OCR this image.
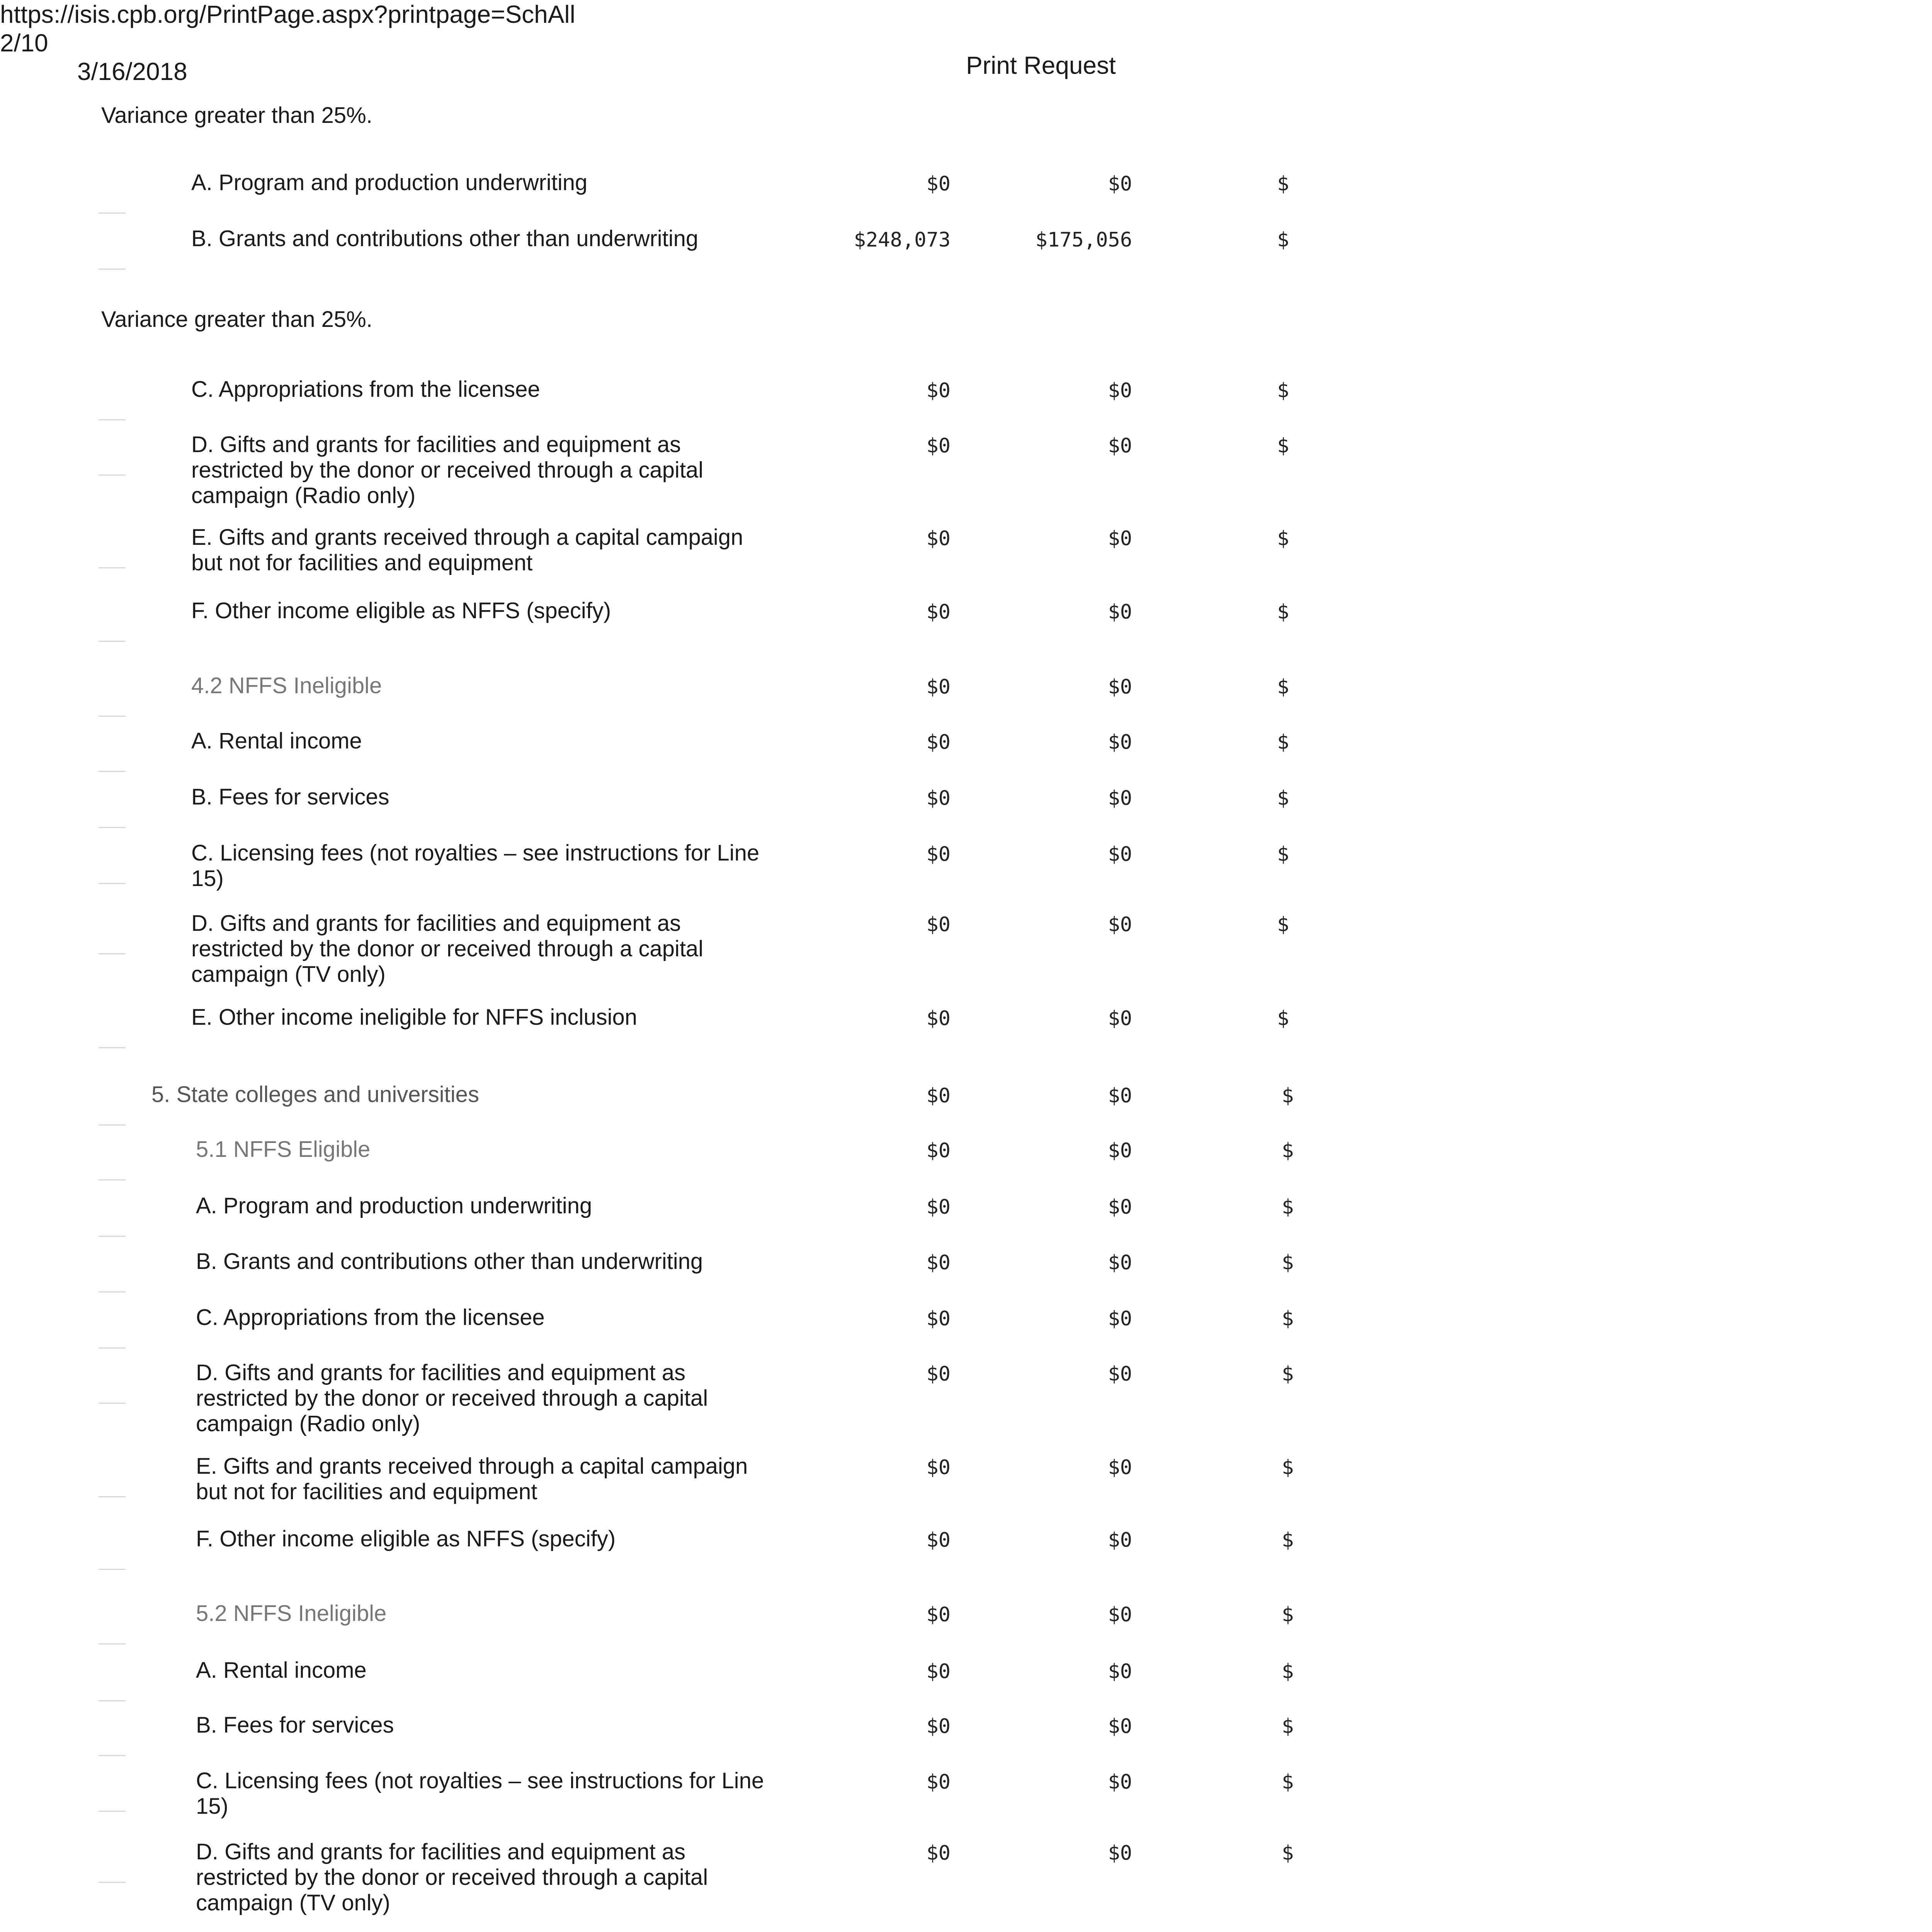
3/16/2018	Print Request
Variance greater than 25%.
Variance greater than 25%.
A. Program and production underwriting	$0	$0	$
B. Grants and contributions other than underwriting	$248,073	$175,056	$
C. Appropriations from the licensee	$0	$0	$
D. Gifts and grants for facilities and equipment as
restricted by the donor or received through a capital
campaign (Radio only)
$0	$0	$
E. Gifts and grants received through a capital campaign
but not for facilities and equipment
$0	$0	$
F. Other income eligible as NFFS (specify)	$0	$0	$
4.2 NFFS Ineligible	$0	$0	$
A. Rental income	$0	$0	$
B. Fees for services	$0	$0	$
C. Licensing fees (not royalties – see instructions for Line
15)
$0	$0	$
D. Gifts and grants for facilities and equipment as
restricted by the donor or received through a capital
campaign (TV only)
$0	$0	$
E. Other income ineligible for NFFS inclusion	$0	$0	$
5. State colleges and universities	$0	$0	$
5.1 NFFS Eligible	$0	$0	$
A. Program and production underwriting	$0	$0	$
B. Grants and contributions other than underwriting	$0	$0	$
C. Appropriations from the licensee	$0	$0	$
D. Gifts and grants for facilities and equipment as
restricted by the donor or received through a capital
campaign (Radio only)
$0	$0	$
E. Gifts and grants received through a capital campaign
but not for facilities and equipment
$0	$0	$
F. Other income eligible as NFFS (specify)	$0	$0	$
5.2 NFFS Ineligible	$0	$0	$
A. Rental income	$0	$0	$
B. Fees for services	$0	$0	$
C. Licensing fees (not royalties – see instructions for Line
15)
$0	$0	$
D. Gifts and grants for facilities and equipment as
restricted by the donor or received through a capital
campaign (TV only)
$0	$0	$
https://isis.cpb.org/PrintPage.aspx?printpage=SchAll
2/10
